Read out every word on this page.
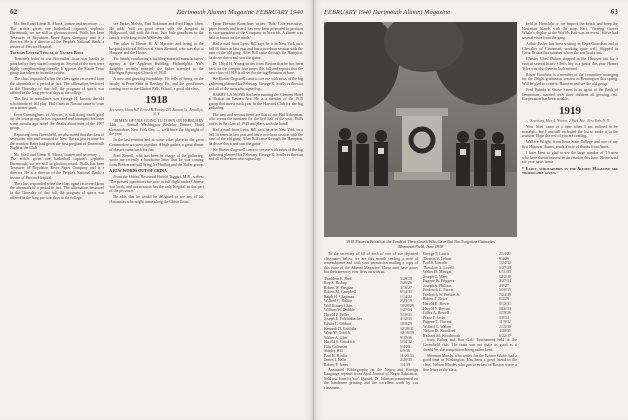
62	Dartmouth Alumni Magazine FEBRUARY 1940

Mr. Snell and Glenn R. Morse, trustee and secretary. . . . The article given one basketball captain's sophistic Dartmouth, we are still in glorious mood. Walls has been Treasurer of Royalston River Paper Company and is a director. He is a director of the People's National Bank, a trustee of Proctor Hospital.

Tremain Letter Typical at Yankee Bowl

Tremain's letter in our November issue was hardly in print before they started coming in. Several of the men were highly complimenting friendly. It appears the Maine Town group has taken an infantile course.

The class responded when the class again recovered from the aftermath of a period in fact. The affirmation bestowed in the Thursday of that fall, the program of sports was offered in the long pre-war days at the college.

The first in attendance was George H. Lovett, the old schoolmate of fall play. Phil Cates in Nassau came to town on a winter jaunt.

Leon Cunningham, of Alewan, is still doing much good for the town group he has organized and arranged; his letter some months ago noted the details about men of the 1907 group.

Reporting from Greenfield, we also noted that the class of seventeen met and returned to New Haven just in time for the reunion. Bates had given the first program of Dartmouth Night at the Club.

Mr. Snell and Glenn R. Morse, trustee and secretary. . . . The article given one basketball captain's sophistic Dartmouth, we are still in glorious mood. Walls has been Treasurer of Royalston River Paper Company and is a director. He is a director of the People's National Bank, a trustee of Proctor Hospital.

The class responded when the class again recovered from the aftermath of a period in fact. The affirmation bestowed in the Thursday of that fall, the program of sports was offered in the long pre-war days at the college.

see Parker Melvin, Earl Robinson and Fred Hager often. He adds: 'still on good terms with the hospital in Hollywood, still with the firm. Two little grandsons in the family, frolicking in the Wellesley side.'

The other is Homer H. A. Myrotte: and being in the hospital with real Fellows at Sister Bernard, who was also at Hanover and the House.

Vic Smith, conducting a building material manufacturers' agency at the Appleton Building, Philadelphia. Vic's daughter recently married; the father attended in the Michigan Episcopal Church of 1918.

A new and growing friendship; Vic tells of being on the faculty at Penn State in Hershey, Pa., and the good times coming over to the Clinton Falls School, a good old class.

1918
Secretary, Churchill, Ernest H. Earley, 281 Benson St., Brooklyn, N. Y.

'48 MEN OF 1918 GOING TO TOWN ON FEBRUARY 14th — Annual Washington Birthday Dinner, Hotel Commodore, New York City — we'll have the big night of the year.

In the last reunion and at some other place in the great Commodore we were together. A high gather, a great dinner of classes came back for fun.

Fred Newell, who has been in charge of the gathering, wrote me recently a handsome letter that he was coming from Boston and will bring Ira Hurlbut and the Baker group.

A FEW WORDS OUT OF CHINA

From the Orient, Reverend Harold Taggart, M.B., writes: 'The present operations are now in full flight under Chinese war lords, and our mission has the only hospital in this part of the province.'

He adds that he would be delighted to see any of his classmates who might come along the China Coast.

From Herman Kornchner writes: 'Bob, Cole executive, paper boards and board, has now been promoted to position as vice-president of the Company in Norwich. A dinner was held in honor on the ninth.'

Had a mail from Lynn. Bill says he is in New York on a full 16 times in last year and has a two-hour session with the men of the old gang. After Bill came through the Hampton, he drove down and saw the game.

Dr. Lloyd H. Young writes from Boston that he has been back on the campus four times this fall and reports that the new class of 1918 is all set for the big Reunion in June.

We Homer Cogswell came to see me with news of the big gathering planned for February. George K. Scully is director and all of the men who signed up.

HARRY LA MOND has been running the Clement Hotel at Boston on Eastern Ave. He is a member of the 1918 group that meets each year in the Harvard Club for the big gathering.

The new and serious items are that of our Phil Ackerman, who seems the nominee for the first half of the year; Phil's son is in the class of 1943 and plays with the band.

Had a mail from Lynn. Bill says he is in New York on a full 16 times in last year and has a two-hour session with the men of the old gang. After Bill came through the Hampton, he drove down and saw the game.

We Homer Cogswell came to see me with news of the big gathering planned for February. George K. Scully is director and all of the men who signed up.

FEBRUARY 1940 Dartmouth Alumni Magazine	63
1918 Places a Wreath at the Tomb of Their Coach Who Gave But Not Forgotten Comrades
Memorial Field, June 1938

To the secretary of 60 of each of one of our departed classmates below, we are this month sending a note of remembrance and with your permission mailing a copy of this issue of the Alumni Magazine. These men have gone; but their memory ever lives on with us.

Thaddeus E. Burt	5/29/18
Roy S. Bishop	7/20/26
Robert W. Caspian	3/16/27
Robert M. Campbell	6/14/31
Ralph H. Chapman	1/14/22
Wilfred C. Dalton	2/23/19
Will Kinney Chen	10/28/29
William W. Dribble	1/27/34
Harold F. Fuller	3/10/31
Joseph E. Falchinbacher	4/12/35
Edwin L. Gibbon	10/8/29
Kenneth D. Griffiths	12/20/31
Winn W. Gold Jr.	12/10/19
Walter A. Glen	9/17/36
Harold S. Goodrich	5/14/32
Ellis Goltsman	5/4/28
Stanley Hill	6/9/36
Paul H. Hovlin	11/20/33
James I. Iselin	2/29/35
Robert F. Jones	1/4/39

Annotated Bibliography on the Negro and Foreign Language reprints from April Journal of Negro Education. Sold out from its 'too'. Quoted, Dr. Johnson commented on the handsome printing and the excellent work by our classmate.

George F. Laurie	2/14/21
Thomas V. Lehnat	9/4/29
Paul S. Lincoln	1/24/32
Theodore A. Lovell	5/27/28
Walter D. Minigat	6/11/33
Joseph C. Meer	12/2/30
Eugene W. Priggees	3/27/34
Joseph A. Phillion	4/8/27
Frederick C. Purvis	5/19/35
Frederick W. Purdon Jr.	7/24/38
Robert P. Rowe	8/3/29
Harold K. Rowe	9/12/31
Harold F. Rowan	10/6/33
Gilles A. Rowell	1/18/36
Franz F. Seiler	3/8/34
Eugene T. Vincent	11/9/32
Willard C. Walton	2/15/30
Nelson D. Woodford	4/30/35
Richard M. Woodworth	6/22/37

from Father and Son Golf Tournament held at the Greenfield club. The team was not quite as good as it should be, the competition being rather keen.

Sherman Moody, who writes for the Boston Globe, had a good time in Washington. Has been a great friend to the class. Nelson Rhodes who practices law in Boston wrote a fine letter to the class.

held in Honolulu or we inspect the beach and keep the Hawaiian Islands with the map. Fact. 'Viewing Grover Whale's display at the World's Fair was an event.' We've had several visits from the gang.

Arthur Fisher has been visiting in Cape Girardeau and is Chevalier of Cincinnati, working quite well. Stopped in Great Britain this summer where the war broke out.

Chester 'Chet' Dalton stopped in the Hanover inn for a visit of several hours; Chet's boy is a junior this year. Homer Tyler was also there to look around.

Roger Goodwin is a member of the committee arranging for the Bright graduation session at Bennington this spring. Will be glad to come to Hanover and see the old group.

Fred Pulaski at Grove Street is an agent of the Bank of Leominster, married with three children all growing fast. Cooperation has been notable.

1919
Secretary, Max A. Norton, 2 Park Ave., New York, N. Y.

Your letter came at a time when I am inclined to be nostalgic; but I am still on board the list to make it to the reunion. Hope the rest of you are coming.

Wallace Wright, from Iowa State College and one of my first Hanover chums, sends a note of thanks from Ames.

I have been so glad to see the large number of '19 men who have shown interest in the reunion this June. Please send me your news items.

* Early, scholarships in the Alumni Magazine are thoroughly given.
